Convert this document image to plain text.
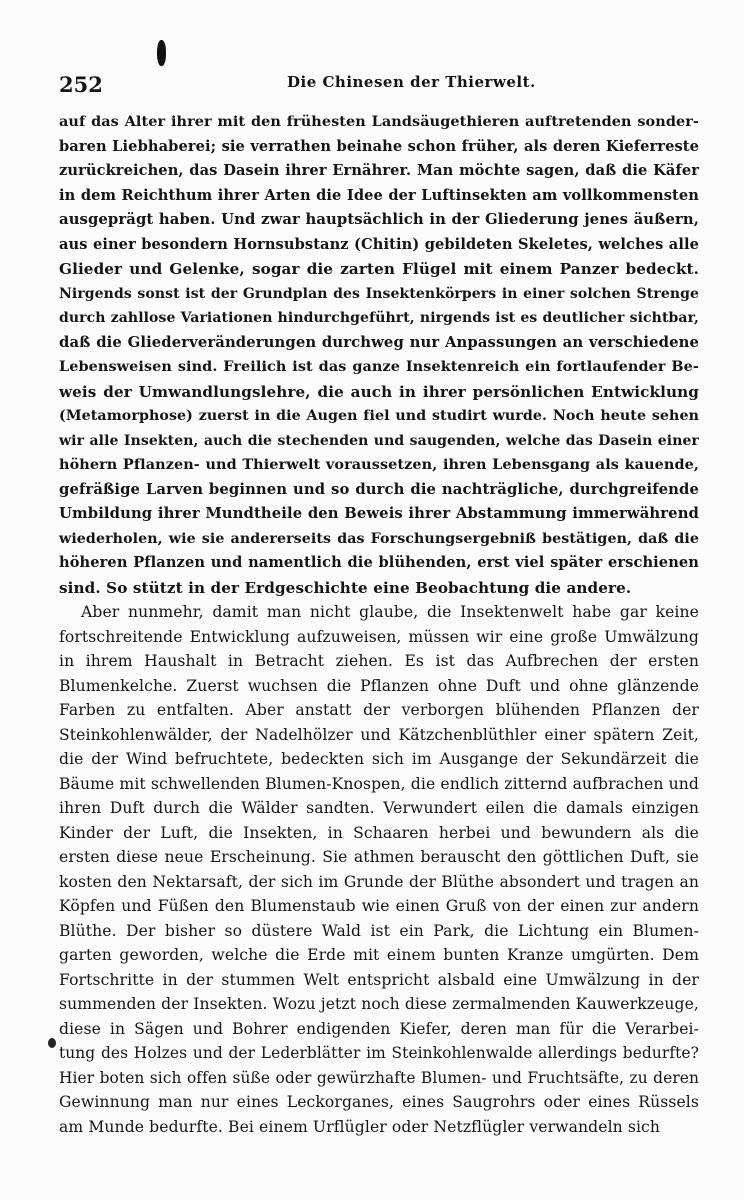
252	Die Chinesen der Thierwelt.
auf das Alter ihrer mit den frühesten Landsäugethieren auftretenden sonder-
baren Liebhaberei; sie verrathen beinahe schon früher, als deren Kieferreste
zurückreichen, das Dasein ihrer Ernährer. Man möchte sagen, daß die Käfer
in dem Reichthum ihrer Arten die Idee der Luftinsekten am vollkommensten
ausgeprägt haben. Und zwar hauptsächlich in der Gliederung jenes äußern,
aus einer besondern Hornsubstanz (Chitin) gebildeten Skeletes, welches alle
Glieder und Gelenke, sogar die zarten Flügel mit einem Panzer bedeckt.
Nirgends sonst ist der Grundplan des Insektenkörpers in einer solchen Strenge
durch zahllose Variationen hindurchgeführt, nirgends ist es deutlicher sichtbar,
daß die Gliederveränderungen durchweg nur Anpassungen an verschiedene
Lebensweisen sind. Freilich ist das ganze Insektenreich ein fortlaufender Be-
weis der Umwandlungslehre, die auch in ihrer persönlichen Entwicklung
(Metamorphose) zuerst in die Augen fiel und studirt wurde. Noch heute sehen
wir alle Insekten, auch die stechenden und saugenden, welche das Dasein einer
höhern Pflanzen- und Thierwelt voraussetzen, ihren Lebensgang als kauende,
gefräßige Larven beginnen und so durch die nachträgliche, durchgreifende
Umbildung ihrer Mundtheile den Beweis ihrer Abstammung immerwährend
wiederholen, wie sie andererseits das Forschungsergebniß bestätigen, daß die
höheren Pflanzen und namentlich die blühenden, erst viel später erschienen
sind. So stützt in der Erdgeschichte eine Beobachtung die andere.
Aber nunmehr, damit man nicht glaube, die Insektenwelt habe gar keine
fortschreitende Entwicklung aufzuweisen, müssen wir eine große Umwälzung
in ihrem Haushalt in Betracht ziehen. Es ist das Aufbrechen der ersten
Blumenkelche. Zuerst wuchsen die Pflanzen ohne Duft und ohne glänzende
Farben zu entfalten. Aber anstatt der verborgen blühenden Pflanzen der
Steinkohlenwälder, der Nadelhölzer und Kätzchenblüthler einer spätern Zeit,
die der Wind befruchtete, bedeckten sich im Ausgange der Sekundärzeit die
Bäume mit schwellenden Blumen-Knospen, die endlich zitternd aufbrachen und
ihren Duft durch die Wälder sandten. Verwundert eilen die damals einzigen
Kinder der Luft, die Insekten, in Schaaren herbei und bewundern als die
ersten diese neue Erscheinung. Sie athmen berauscht den göttlichen Duft, sie
kosten den Nektarsaft, der sich im Grunde der Blüthe absondert und tragen an
Köpfen und Füßen den Blumenstaub wie einen Gruß von der einen zur andern
Blüthe. Der bisher so düstere Wald ist ein Park, die Lichtung ein Blumen-
garten geworden, welche die Erde mit einem bunten Kranze umgürten. Dem
Fortschritte in der stummen Welt entspricht alsbald eine Umwälzung in der
summenden der Insekten. Wozu jetzt noch diese zermalmenden Kauwerkzeuge,
diese in Sägen und Bohrer endigenden Kiefer, deren man für die Verarbei-
tung des Holzes und der Lederblätter im Steinkohlenwalde allerdings bedurfte?
Hier boten sich offen süße oder gewürzhafte Blumen- und Fruchtsäfte, zu deren
Gewinnung man nur eines Leckorganes, eines Saugrohrs oder eines Rüssels
am Munde bedurfte. Bei einem Urflügler oder Netzflügler verwandeln sich
